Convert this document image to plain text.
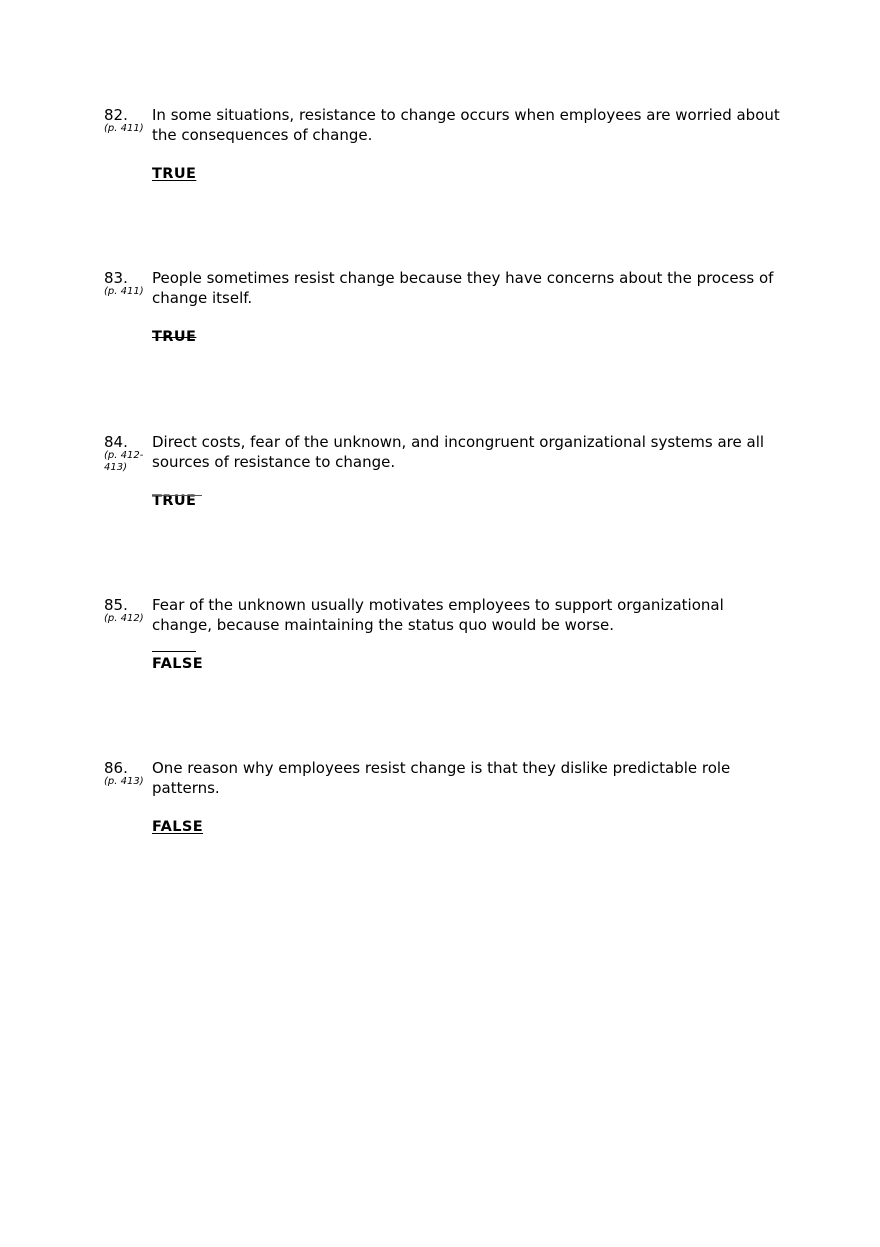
82.
(p. 411)
In some situations, resistance to change occurs when employees are worried about the consequences of change.
TRUE
83.
(p. 411)
People sometimes resist change because they have concerns about the process of change itself.
TRUE
84.
(p. 412-413)
Direct costs, fear of the unknown, and incongruent organizational systems are all sources of resistance to change.
TRUE
85.
(p. 412)
Fear of the unknown usually motivates employees to support organizational change, because maintaining the status quo would be worse.
FALSE
86.
(p. 413)
One reason why employees resist change is that they dislike predictable role patterns.
FALSE
